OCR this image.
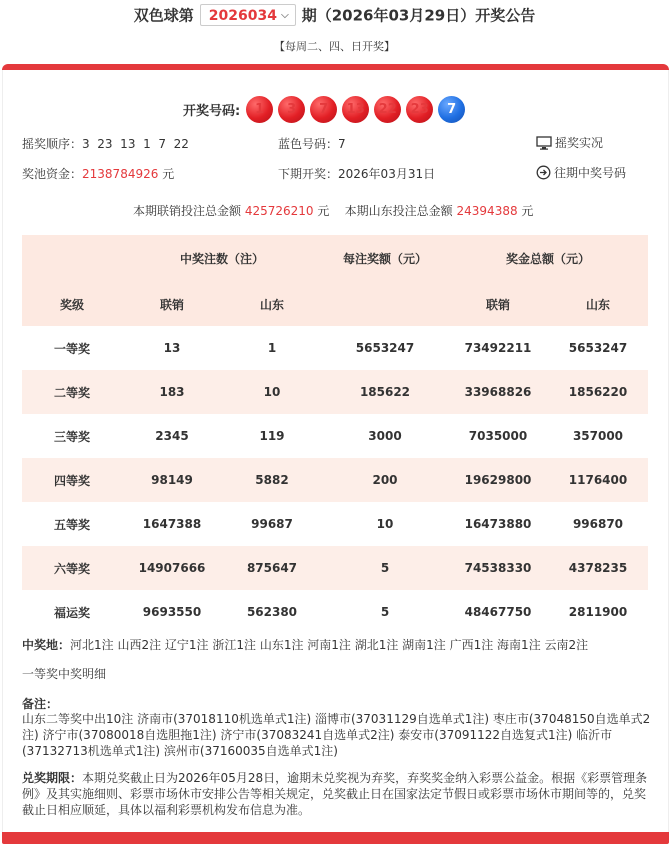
双色球第 2026034 ⌵ 期（2026年03月29日）开奖公告
【每周二、四、日开奖】
开奖号码:	1	3	7	13	22	23	7
摇奖顺序：3  23  13  1  7  22	蓝色号码：7	摇奖实况
奖池资金：2138784926 元	下期开奖：2026年03月31日	往期中奖号码
本期联销投注总金额 425726210 元 本期山东投注总金额 24394388 元
	中奖注数（注）		每注奖额（元）	奖金总额（元）	
奖级	联销	山东		联销	山东
一等奖	13	1	5653247	73492211	5653247
二等奖	183	10	185622	33968826	1856220
三等奖	2345	119	3000	7035000	357000
四等奖	98149	5882	200	19629800	1176400
五等奖	1647388	99687	10	16473880	996870
六等奖	14907666	875647	5	74538330	4378235
福运奖	9693550	562380	5	48467750	2811900
中奖地：河北1注 山西2注 辽宁1注 浙江1注 山东1注 河南1注 湖北1注 湖南1注 广西1注 海南1注 云南2注
一等奖中奖明细
备注：
山东二等奖中出10注 济南市(37018110机选单式1注) 淄博市(37031129自选单式1注) 枣庄市(37048150自选单式2注) 济宁市(37080018自选胆拖1注) 济宁市(37083241自选单式2注) 泰安市(37091122自选复式1注) 临沂市(37132713机选单式1注) 滨州市(37160035自选单式1注)
兑奖期限：本期兑奖截止日为2026年05月28日，逾期未兑奖视为弃奖，弃奖奖金纳入彩票公益金。根据《彩票管理条例》及其实施细则、彩票市场休市安排公告等相关规定，兑奖截止日在国家法定节假日或彩票市场休市期间等的，兑奖截止日相应顺延，具体以福利彩票机构发布信息为准。
